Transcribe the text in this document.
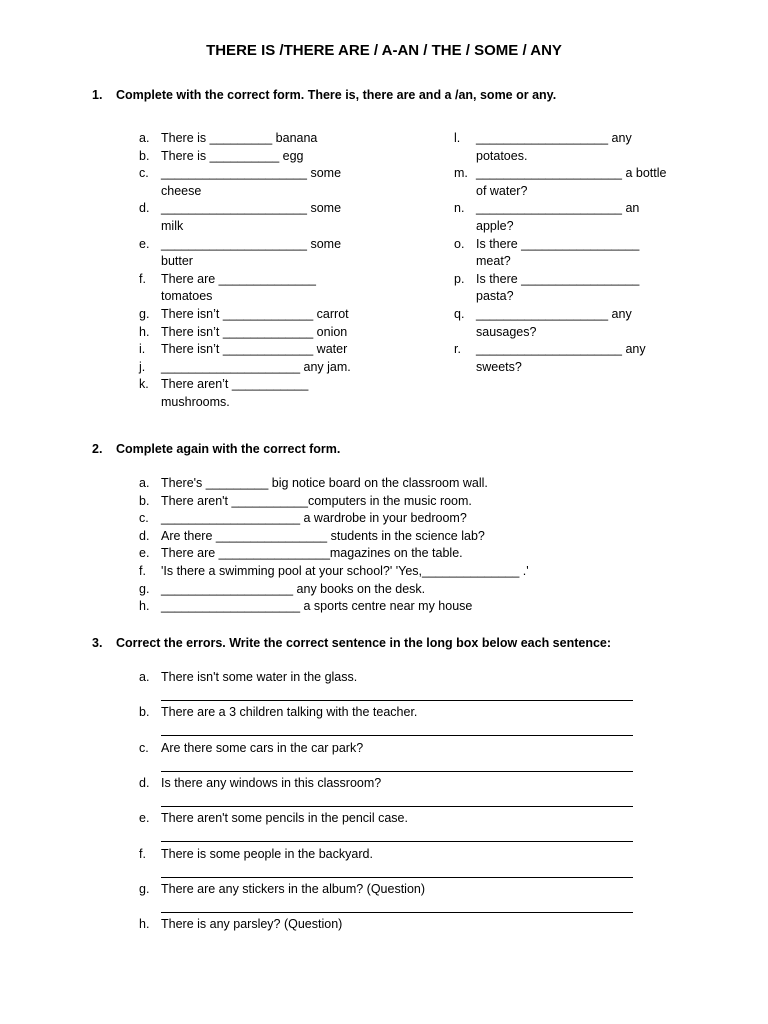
THERE IS /THERE ARE / A-AN / THE / SOME / ANY
1. Complete with the correct form. There is, there are and a /an, some or any.
a. There is _________ banana
b. There is __________ egg
c. _____________________ some
cheese
d. _____________________ some
milk
e. _____________________ some
butter
f. There are ______________
tomatoes
g. There isn’t _____________ carrot
h. There isn’t _____________ onion
i. There isn’t _____________ water
j. ____________________ any jam.
k. There aren’t ___________
mushrooms.
l. ___________________ any
potatoes.
m. _____________________ a bottle
of water?
n. _____________________ an
apple?
o. Is there _________________
meat?
p. Is there _________________
pasta?
q. ___________________ any
sausages?
r. _____________________ any
sweets?
2. Complete again with the correct form.
a. There's _________ big notice board on the classroom wall.
b. There aren't ___________computers in the music room.
c. ____________________ a wardrobe in your bedroom?
d. Are there ________________ students in the science lab?
e. There are ________________magazines on the table.
f. 'Is there a swimming pool at your school?' 'Yes,______________ .'
g. ___________________ any books on the desk.
h. ____________________ a sports centre near my house
3. Correct the errors. Write the correct sentence in the long box below each sentence:
a. There isn't some water in the glass.
b. There are a 3 children talking with the teacher.
c. Are there some cars in the car park?
d. Is there any windows in this classroom?
e. There aren't some pencils in the pencil case.
f. There is some people in the backyard.
g. There are any stickers in the album? (Question)
h. There is any parsley? (Question)
